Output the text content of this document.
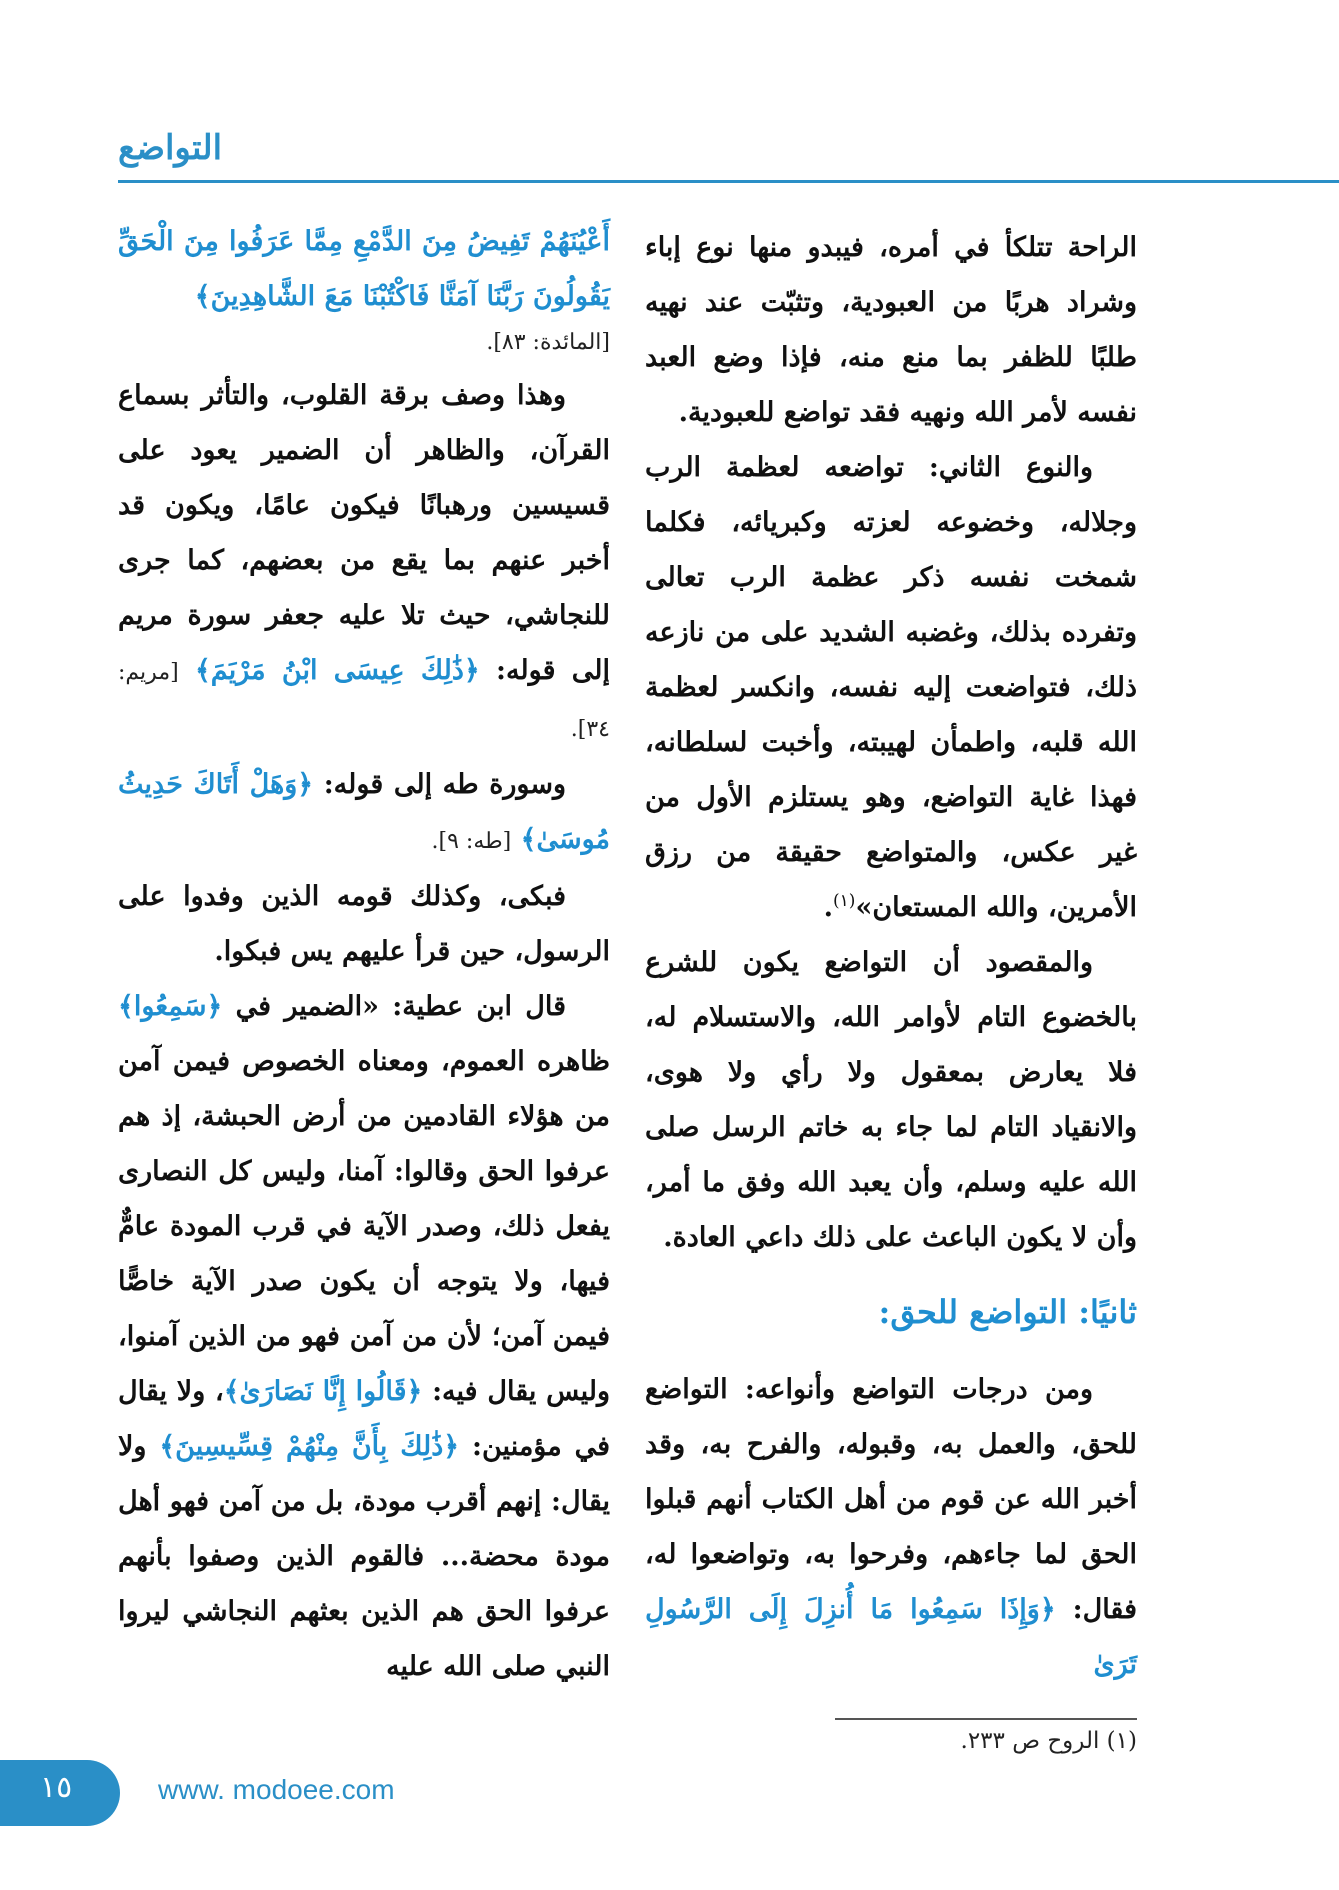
التواضع

الراحة تتلكأ في أمره، فيبدو منها نوع إباء وشراد هربًا من العبودية، وتثبّت عند نهيه طلبًا للظفر بما منع منه، فإذا وضع العبد نفسه لأمر الله ونهيه فقد تواضع للعبودية.

والنوع الثاني: تواضعه لعظمة الرب وجلاله، وخضوعه لعزته وكبريائه، فكلما شمخت نفسه ذكر عظمة الرب تعالى وتفرده بذلك، وغضبه الشديد على من نازعه ذلك، فتواضعت إليه نفسه، وانكسر لعظمة الله قلبه، واطمأن لهيبته، وأخبت لسلطانه، فهذا غاية التواضع، وهو يستلزم الأول من غير عكس، والمتواضع حقيقة من رزق الأمرين، والله المستعان»$^{(١)}$.

والمقصود أن التواضع يكون للشرع بالخضوع التام لأوامر الله، والاستسلام له، فلا يعارض بمعقول ولا رأي ولا هوى، والانقياد التام لما جاء به خاتم الرسل صلى الله عليه وسلم، وأن يعبد الله وفق ما أمر، وأن لا يكون الباعث على ذلك داعي العادة.

ثانيًا: التواضع للحق:

ومن درجات التواضع وأنواعه: التواضع للحق، والعمل به، وقبوله، والفرح به، وقد أخبر الله عن قوم من أهل الكتاب أنهم قبلوا الحق لما جاءهم، وفرحوا به، وتواضعوا له، فقال: ﴿وَإِذَا سَمِعُوا مَا أُنزِلَ إِلَى الرَّسُولِ تَرَىٰ

أَعْيُنَهُمْ تَفِيضُ مِنَ الدَّمْعِ مِمَّا عَرَفُوا مِنَ الْحَقِّ يَقُولُونَ رَبَّنَا آمَنَّا فَاكْتُبْنَا مَعَ الشَّاهِدِينَ﴾

[المائدة: ٨٣].

وهذا وصف برقة القلوب، والتأثر بسماع القرآن، والظاهر أن الضمير يعود على قسيسين ورهبانًا فيكون عامًا، ويكون قد أخبر عنهم بما يقع من بعضهم، كما جرى للنجاشي، حيث تلا عليه جعفر سورة مريم إلى قوله: ﴿ذَٰلِكَ عِيسَى ابْنُ مَرْيَمَ﴾ [مريم: ٣٤].

وسورة طه إلى قوله: ﴿وَهَلْ أَتَاكَ حَدِيثُ مُوسَىٰ﴾ [طه: ٩].

فبكى، وكذلك قومه الذين وفدوا على الرسول، حين قرأ عليهم يس فبكوا.

قال ابن عطية: «الضمير في ﴿سَمِعُوا﴾ ظاهره العموم، ومعناه الخصوص فيمن آمن من هؤلاء القادمين من أرض الحبشة، إذ هم عرفوا الحق وقالوا: آمنا، وليس كل النصارى يفعل ذلك، وصدر الآية في قرب المودة عامٌّ فيها، ولا يتوجه أن يكون صدر الآية خاصًّا فيمن آمن؛ لأن من آمن فهو من الذين آمنوا، وليس يقال فيه: ﴿قَالُوا إِنَّا نَصَارَىٰ﴾، ولا يقال في مؤمنين: ﴿ذَٰلِكَ بِأَنَّ مِنْهُمْ قِسِّيسِينَ﴾ ولا يقال: إنهم أقرب مودة، بل من آمن فهو أهل مودة محضة... فالقوم الذين وصفوا بأنهم عرفوا الحق هم الذين بعثهم النجاشي ليروا النبي صلى الله عليه

(١) الروح ص ٢٣٣.
١٥	www. modoee.com
